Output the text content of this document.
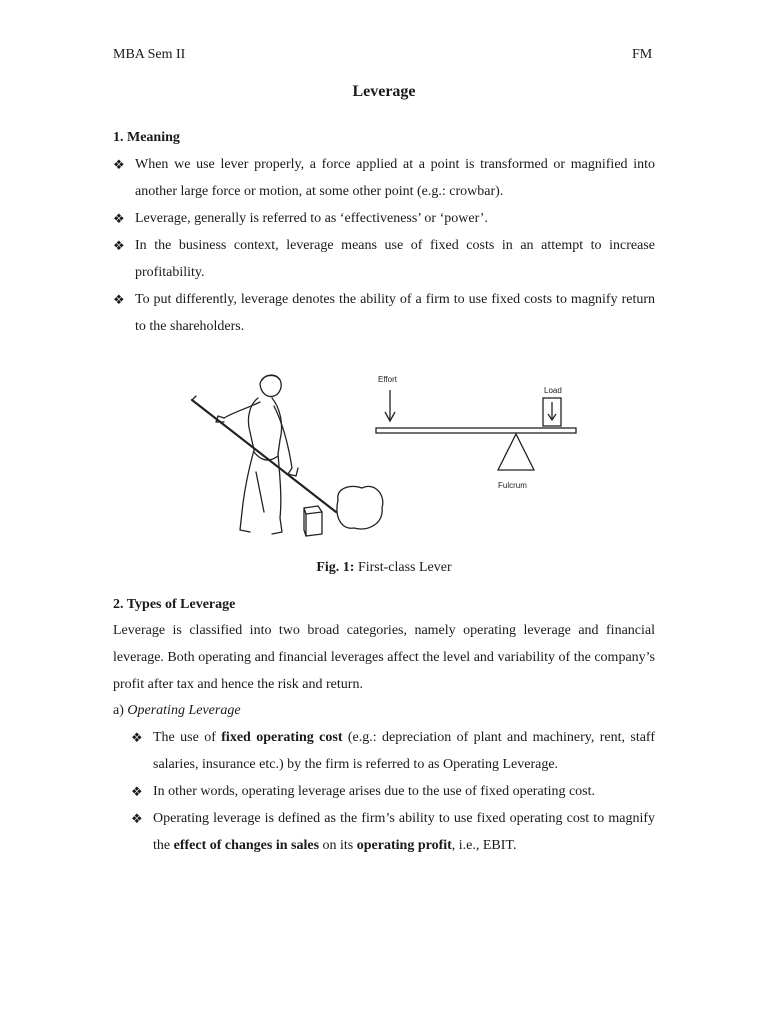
MBA Sem II	FM
Leverage
1. Meaning
❖ When we use lever properly, a force applied at a point is transformed or magnified into another large force or motion, at some other point (e.g.: crowbar).
❖ Leverage, generally is referred to as ‘effectiveness’ or ‘power’.
❖ In the business context, leverage means use of fixed costs in an attempt to increase profitability.
❖ To put differently, leverage denotes the ability of a firm to use fixed costs to magnify return to the shareholders.
Effort
Load
Fulcrum
Fig. 1: First-class Lever
2. Types of Leverage
Leverage is classified into two broad categories, namely operating leverage and financial leverage. Both operating and financial leverages affect the level and variability of the company’s profit after tax and hence the risk and return.
a) Operating Leverage
❖ The use of fixed operating cost (e.g.: depreciation of plant and machinery, rent, staff salaries, insurance etc.) by the firm is referred to as Operating Leverage.
❖ In other words, operating leverage arises due to the use of fixed operating cost.
❖ Operating leverage is defined as the firm’s ability to use fixed operating cost to magnify the effect of changes in sales on its operating profit, i.e., EBIT.
